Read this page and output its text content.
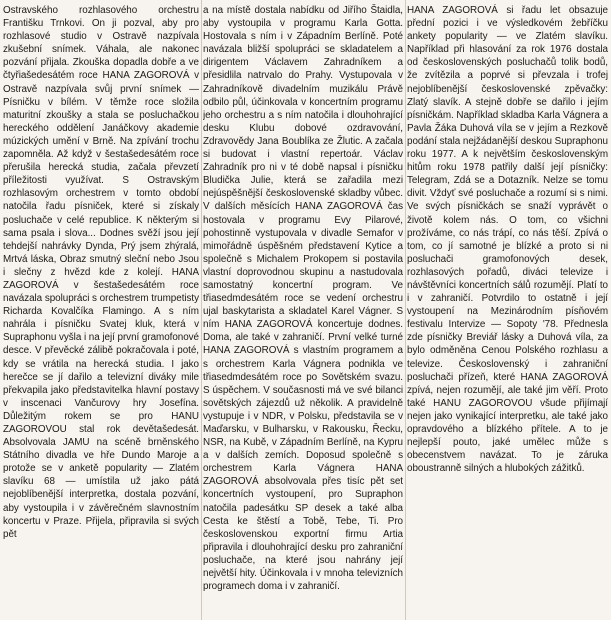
Ostravského rozhlasového orchestru Františku Trnkovi. On ji pozval, aby pro rozhlasové studio v Ostravě nazpívala zkušební snímek. Váhala, ale nakonec pozvání přijala. Zkouška dopadla dobře a ve čtyřiašedesátém roce HANA ZAGOROVÁ v Ostravě nazpívala svůj první snímek — Písničku v bílém. V těmže roce složila maturitní zkoušky a stala se posluchačkou hereckého oddělení Janáčkovy akademie múzických umění v Brně. Na zpívání trochu zapomněla. Až když v šestašedesátém roce přerušila herecká studia, začala převzetí příležitosti využívat. S Ostravským rozhlasovým orchestrem v tomto období natočila řadu písniček, které si získaly posluchače v celé republice. K některým si sama psala i slova... Dodnes svěží jsou její tehdejší nahrávky Dynda, Prý jsem zhýralá, Mrtvá láska, Obraz smutný sleční nebo Jsou i slečny z hvězd kde z kolejí. HANA ZAGOROVÁ v šestašedesátém roce navázala spolupráci s orchestrem trumpetisty Richarda Kovalčíka Flamingo. A s ním nahrála i písničku Svatej kluk, která v Supraphonu vyšla i na její první gramofonové desce. V převěcké zálibě pokračovala i poté, kdy se vrátila na herecká studia. I jako herečce se jí dařilo a televizní diváky mile překvapila jako představitelka hlavní postavy v inscenaci Vančurovy hry Josefína. Důležitým rokem se pro HANU ZAGOROVOU stal rok devětašedesát. Absolvovala JAMU na scéně brněnského Státního divadla ve hře Dundo Maroje a protože se v anketě popularity — Zlatém slavíku 68 — umístila už jako pátá nejoblíbenější interpretka, dostala pozvání, aby vystoupila i v závěrečném slavnostním koncertu v Praze. Přijela, připravila si svých pět

a na místě dostala nabídku od Jiřího Štaidla, aby vystoupila v programu Karla Gotta. Hostovala s ním i v Západním Berlíně. Poté navázala bližší spolupráci se skladatelem a dirigentem Václavem Zahradníkem a přesidlila natrvalo do Prahy. Vystupovala v Zahradníkově divadelním muzikálu Právě odbilo půl, účinkovala v koncertním programu jeho orchestru a s ním natočila i dlouhohrající desku Klubu dobové ozdravování, Zdravovědy Jana Boublíka ze Žlutic. A začala si budovat i vlastní repertoár. Václav Zahradník pro ni v té době napsal i písničku Bludička Julie, která se zařadila mezi nejúspěšnější československé skladby vůbec. V dalších měsících HANA ZAGOROVÁ čas hostovala v programu Evy Pilarové, pohostinně vystupovala v divadle Semafor v mimořádně úspěšném představení Kytice a společně s Michalem Prokopem si postavila vlastní doprovodnou skupinu a nastudovala samostatný koncertní program. Ve třiasedmdesátém roce se vedení orchestru ujal baskytarista a skladatel Karel Vágner. S ním HANA ZAGOROVÁ koncertuje dodnes. Doma, ale také v zahraničí. První velké turné HANA ZAGOROVÁ s vlastním programem a s orchestrem Karla Vágnera podnikla ve třiasedmdesátém roce po Sovětském svazu. S úspěchem. V současnosti má ve své bilanci sovětských zájezdů už několik. A pravidelně vystupuje i v NDR, v Polsku, představila se v Maďarsku, v Bulharsku, v Rakousku, Řecku, NSR, na Kubě, v Západním Berlíně, na Kypru a v dalších zemích. Doposud společně s orchestrem Karla Vágnera HANA ZAGOROVÁ absolvovala přes tisíc pět set koncertních vystoupení, pro Supraphon natočila padesátku SP desek a také alba Cesta ke štěstí a Tobě, Tebe, Ti. Pro československou exportní firmu Artia připravila i dlouhohrající desku pro zahraniční posluchače, na které jsou nahrány její největší hity. Účinkovala i v mnoha televizních programech doma i v zahraničí.

HANA ZAGOROVÁ si řadu let obsazuje přední pozici i ve výsledkovém žebříčku ankety popularity — ve Zlatém slavíku. Například při hlasování za rok 1976 dostala od československých posluchačů tolik bodů, že zvítězila a poprvé si převzala i trofej nejoblíbenější československé zpěvačky: Zlatý slavík. A stejně dobře se dařilo i jejím písničkám. Například skladba Karla Vágnera a Pavla Žáka Duhová víla se v jejím a Rezkově podání stala nejžádanější deskou Supraphonu roku 1977. A k největším československým hitům roku 1978 patřily další její písničky: Telegram, Zdá se a Dotazník. Nelze se tomu divit. Vždyť své posluchače a rozumí si s nimi. Ve svých písničkách se snaží vyprávět o životě kolem nás. O tom, co všichni prožíváme, co nás trápí, co nás těší. Zpívá o tom, co jí samotné je blízké a proto si ni posluchači gramofonových desek, rozhlasových pořadů, diváci televize i návštěvníci koncertních sálů rozumějí. Platí to i v zahraničí. Potvrdilo to ostatně i její vystoupení na Mezinárodním písňovém festivalu Intervize — Sopoty '78. Přednesla zde písničky Breviář lásky a Duhová víla, za bylo odměněna Cenou Polského rozhlasu a televize. Československý i zahraniční posluchači přízeň, které HANA ZAGOROVÁ zpívá, nejen rozumějí, ale také jim věří. Proto také HANU ZAGOROVOU všude přijímají nejen jako vynikající interpretku, ale také jako opravdového a blízkého přítele. A to je nejlepší pouto, jaké umělec může s obecenstvem navázat. To je záruka oboustranně silných a hlubokých zážitků.
